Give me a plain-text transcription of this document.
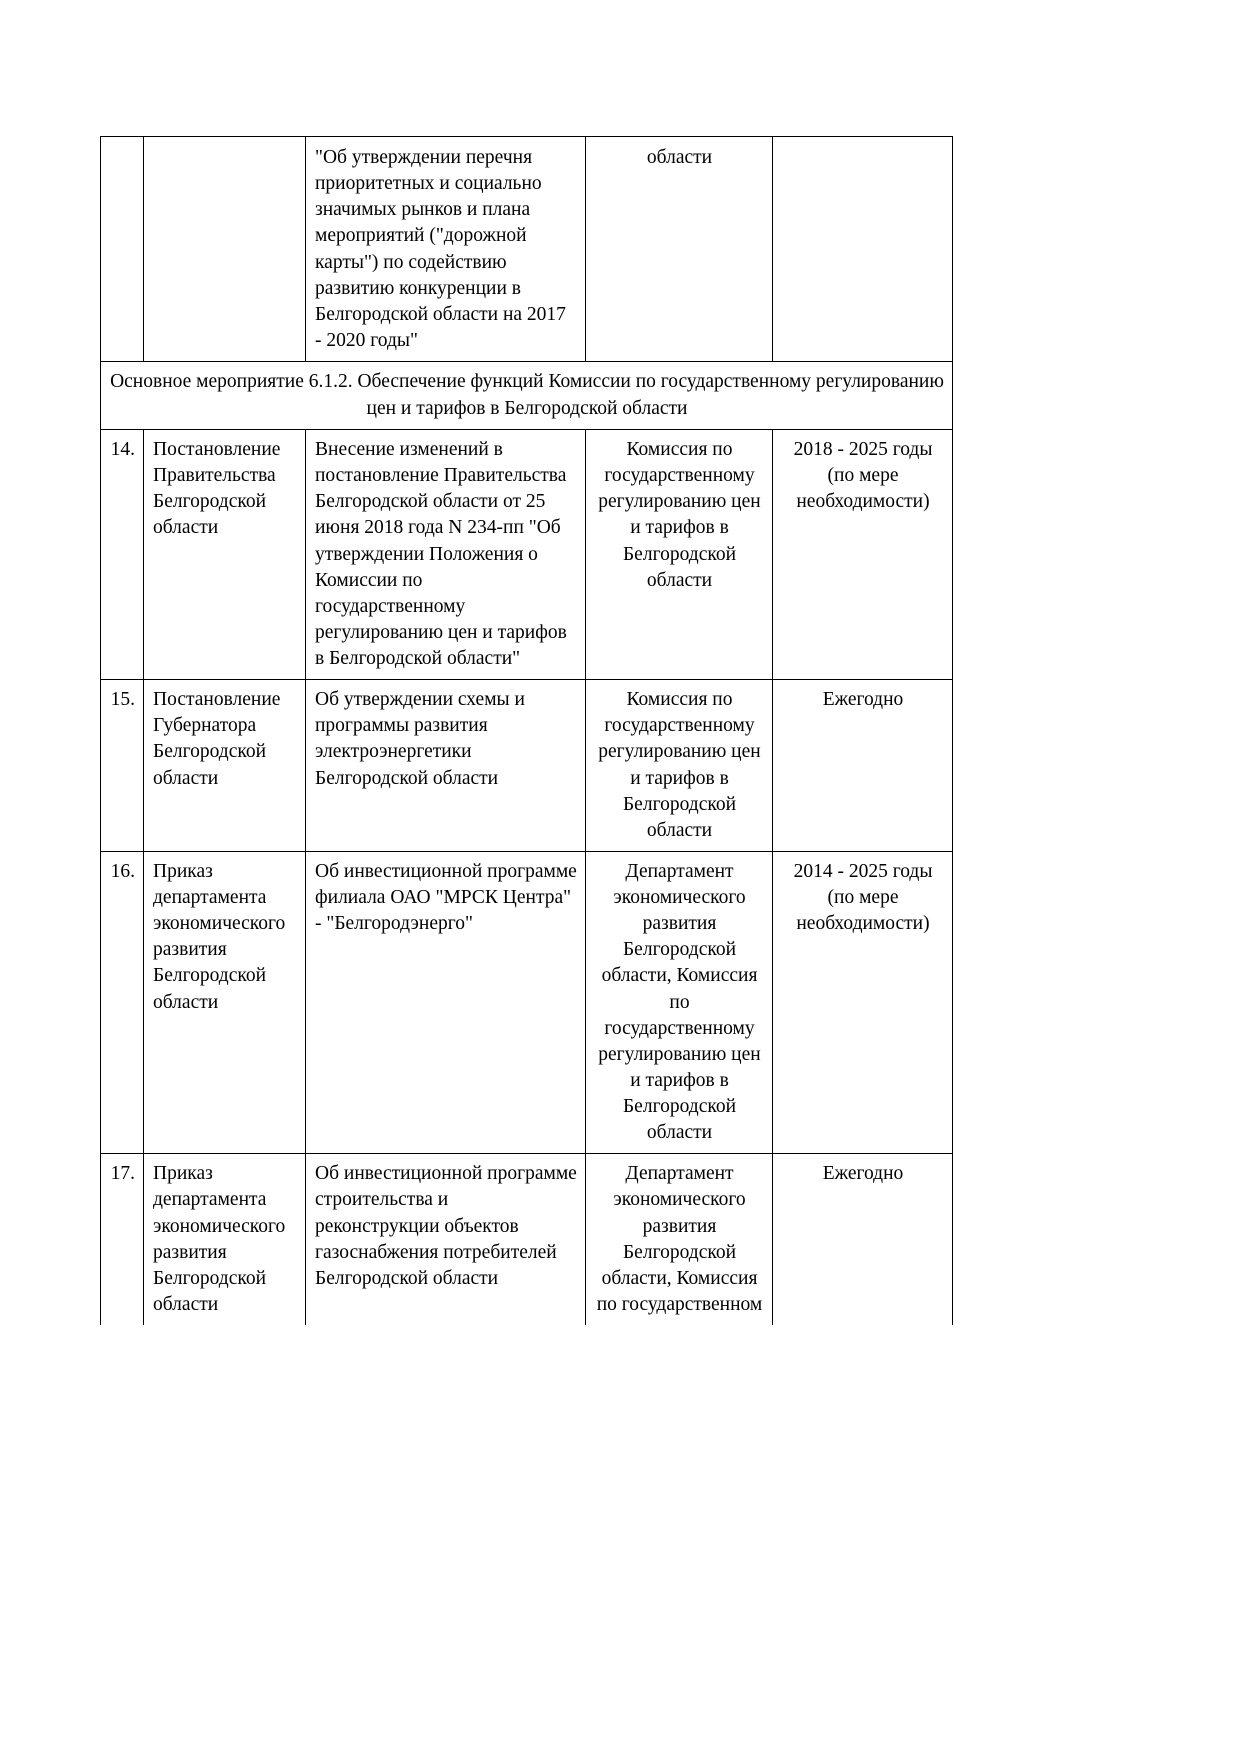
		"Об утверждении перечня приоритетных и социально значимых рынков и плана мероприятий ("дорожной карты") по содействию развитию конкуренции в Белгородской области на 2017 - 2020 годы"	области	
Основное мероприятие 6.1.2. Обеспечение функций Комиссии по государственному регулированию цен и тарифов в Белгородской области				
14.	Постановление Правительства Белгородской области	Внесение изменений в постановление Правительства Белгородской области от 25 июня 2018 года N 234-пп "Об утверждении Положения о Комиссии по государственному регулированию цен и тарифов в Белгородской области"	Комиссия по государственному регулированию цен и тарифов в Белгородской области	2018 - 2025 годы (по мере необходимости)
15.	Постановление Губернатора Белгородской области	Об утверждении схемы и программы развития электроэнергетики Белгородской области	Комиссия по государственному регулированию цен и тарифов в Белгородской области	Ежегодно
16.	Приказ департамента экономического развития Белгородской области	Об инвестиционной программе филиала ОАО "МРСК Центра" - "Белгородэнерго"	Департамент экономического развития Белгородской области, Комиссия по государственному регулированию цен и тарифов в Белгородской области	2014 - 2025 годы (по мере необходимости)
17.	Приказ департамента экономического развития Белгородской области	Об инвестиционной программе строительства и реконструкции объектов газоснабжения потребителей Белгородской области	Департамент экономического развития Белгородской области, Комиссия по государственном	Ежегодно
